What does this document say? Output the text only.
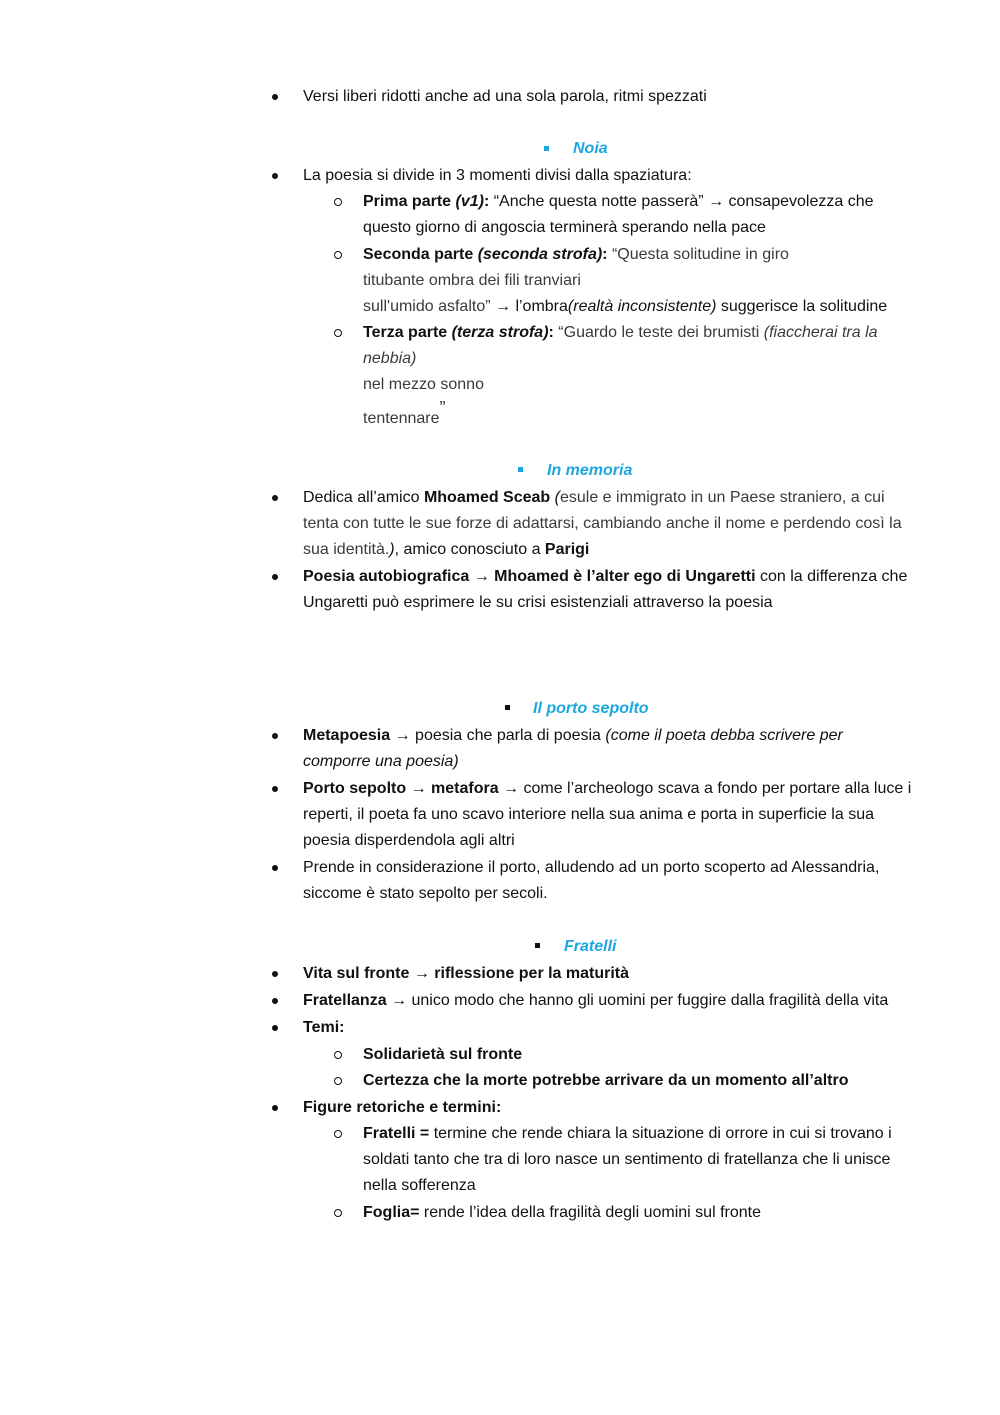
Versi liberi ridotti anche ad una sola parola, ritmi spezzati
Noia
La poesia si divide in 3 momenti divisi dalla spaziatura:
Prima parte (v1): “Anche questa notte passerà” → consapevolezza che
questo giorno di angoscia terminerà sperando nella pace
Seconda parte (seconda strofa): “Questa solitudine in giro
titubante ombra dei fili tranviari
sull'umido asfalto” → l’ombra(realtà inconsistente) suggerisce la solitudine
Terza parte (terza strofa): “Guardo le teste dei brumisti (fiaccherai tra la
nebbia)
nel mezzo sonno
tentennare”
In memoria
Dedica all’amico Mhoamed Sceab (esule e immigrato in un Paese straniero, a cui
tenta con tutte le sue forze di adattarsi, cambiando anche il nome e perdendo così la
sua identità.), amico conosciuto a Parigi
Poesia autobiografica → Mhoamed è l’alter ego di Ungaretti con la differenza che
Ungaretti può esprimere le su crisi esistenziali attraverso la poesia
Il porto sepolto
Metapoesia → poesia che parla di poesia (come il poeta debba scrivere per
comporre una poesia)
Porto sepolto → metafora → come l’archeologo scava a fondo per portare alla luce i
reperti, il poeta fa uno scavo interiore nella sua anima e porta in superficie la sua
poesia disperdendola agli altri
Prende in considerazione il porto, alludendo ad un porto scoperto ad Alessandria,
siccome è stato sepolto per secoli.
Fratelli
Vita sul fronte → riflessione per la maturità
Fratellanza → unico modo che hanno gli uomini per fuggire dalla fragilità della vita
Temi:
Solidarietà sul fronte
Certezza che la morte potrebbe arrivare da un momento all’altro
Figure retoriche e termini:
Fratelli = termine che rende chiara la situazione di orrore in cui si trovano i
soldati tanto che tra di loro nasce un sentimento di fratellanza che li unisce
nella sofferenza
Foglia= rende l’idea della fragilità degli uomini sul fronte
